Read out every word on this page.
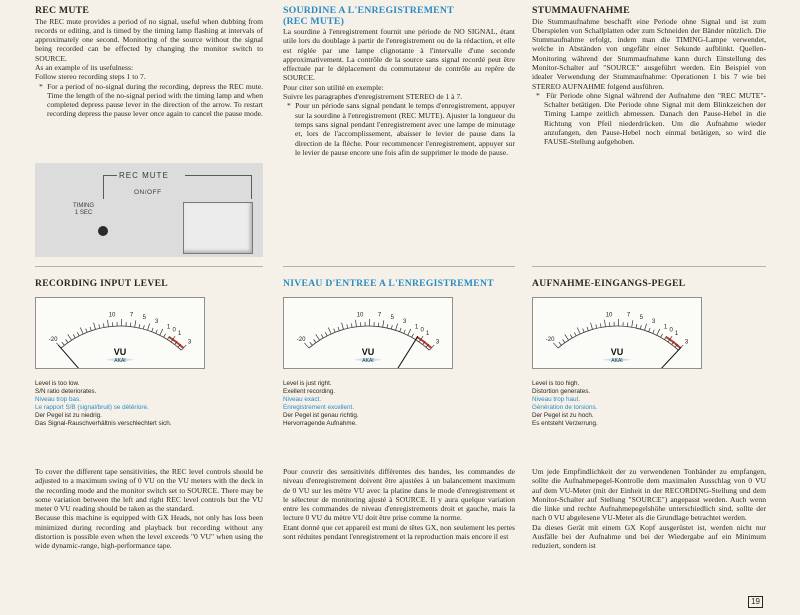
REC MUTE

The REC mute provides a period of no signal, useful when dubbing from records or editing, and is timed by the timing lamp flashing at intervals of approximately one second. Monitoring of the source without the signal being recorded can be effected by changing the monitor switch to SOURCE.

As an example of its usefulness:

Follow stereo recording steps 1 to 7.

*  For a period of no-signal during the recording, depress the REC mute. Time the length of the no-signal period with the timing lamp and when completed depress pause lever in the direction of the arrow. To restart recording depress the pause lever once again to cancel the pause mode.

REC MUTE
ON/OFF
TIMING
1 SEC
SOURDINE A L'ENREGISTREMENT
(REC MUTE)

La sourdine à l'enregistrement fournit une période de NO SIGNAL, étant utile lors du doublage à partir de l'enregistrement ou de la rédaction, et elle est réglée par une lampe clignotante à l'intervalle d'une seconde approximativement. La contrôle de la source sans signal recordé peut être effectuée par le déplacement du commutateur de contrôle au repère de SOURCE.

Pour citer son utilité en exemple:

Suivre les paragraphes d'enregistrement STEREO de 1 à 7.

*  Pour un période sans signal pendant le temps d'enregistrement, appuyer sur la sourdine à l'enregistrement (REC MUTE). Ajuster la longueur du temps sans signal pendant l'enregistrement avec une lampe de minutage et, lors de l'accomplissement, abaisser le levier de pause dans la direction de la flèche. Pour recommencer l'enregistrement, appuyer sur le levier de pause encore une fois afin de supprimer le mode de pause.

STUMMAUFNAHME

Die Stummaufnahme beschafft eine Periode ohne Signal und ist zum Überspielen von Schallplatten oder zum Schneiden der Bänder nützlich. Die Stummaufnahme erfolgt, indem man die TIMING-Lampe verwendet, welche in Abständen von ungefähr einer Sekunde aufblinkt. Quellen-Monitoring während der Stummaufnahme kann durch Einstellung des Monitor-Schalter auf "SOURCE" ausgeführt werden. Ein Beispiel von idealer Verwendung der Stummaufnahme: Operationen 1 bis 7 wie bei STEREO AUFNAHME folgend ausführen.

*  Für Periode ohne Signal während der Aufnahme den "REC MUTE"-Schalter betätigen. Die Periode ohne Signal mit dem Blinkzeichen der Timing Lampe zeitlich abmessen. Danach den Pause-Hebel in die Richtung von Pfeil niederdrücken. Um die Aufnahme wieder anzufangen, den Pause-Hebel noch einmal betätigen, so wird die FAUSE-Stellung aufgehoben.

RECORDING INPUT LEVEL	NIVEAU D'ENTREE A L'ENREGISTREMENT	AUFNAHME-EINGANGS-PEGEL
-20
10 7 5
3
1
0
1
3
VU
AKAI
-20
10 7 5
3
1
0
1
3
VU
AKAI
-20
10 7 5
3
1
0
1
3
VU
AKAI
Level is too low.
S/N ratio deteriorates.
Niveau trop bas.
Le rapport S/B (signal/bruit) se détériore.
Der Pegel ist zu niedrig.
Das Signal-Rauschverhältnis verschlechtert sich.
Level is just right.
Exellent recording.
Niveau exact.
Enregistrement excellent.
Der Pegel ist genau richtig.
Hervorragende Aufnahme.
Level is too high.
Distortion generates.
Niveau trop haut.
Génération de torsions.
Der Pegel ist zu hoch.
Es entsteht Verzerrung.

To cover the different tape sensitivities, the REC level controls should be adjusted to a maximum swing of 0 VU on the VU meters with the deck in the recording mode and the monitor switch set to SOURCE. There may be some variation between the left and right REC level controls but the VU meter 0 VU reading should be taken as the standard.

Because this machine is equipped with GX Heads, not only has loss been minimized during recording and playback but recording without any distortion is possible even when the level exceeds "0 VU" when using the wide dynamic-range, high-performance tape.

Pour couvrir des sensitivités différentes des bandes, les commandes de niveau d'enregistrement doivent être ajustées à un balancement maximum de 0 VU sur les mètre VU avec la platine dans le mode d'enregistrement et le sélecteur de monitoring ajusté à SOURCE. Il y aura quelque variation entre les commandes de niveau d'enregistrements droit et gauche, mais la lecture 0 VU du mètre VU doit être prise comme la norme.

Etant donné que cet appareil est muni de têtes GX, non seulement les pertes sont réduites pendant l'enregistrement et la reproduction mais encore il est

Um jede Empfindlichkeit der zu verwendenen Tonbänder zu empfangen, sollte die Aufnahmepegel-Kontrolle dem maximalen Ausschlag von 0 VU auf dem VU-Meter (mit der Einheit in der RECORDING-Stellung und dem Monitor-Schalter auf Stellung "SOURCE") angepasst werden. Auch wenn die linke und rechte Aufnahmepegelshöhe unterschiedlich sind, sollte der nach 0 VU abgelesene VU-Meter als die Grundlage betrachtet werden.

Da dieses Gerät mit einem GX Kopf ausgerüstet ist, werden nicht nur Ausfälle bei der Aufnahme und bei der Wiedergabe auf ein Minimum reduziert, sondern ist

19
